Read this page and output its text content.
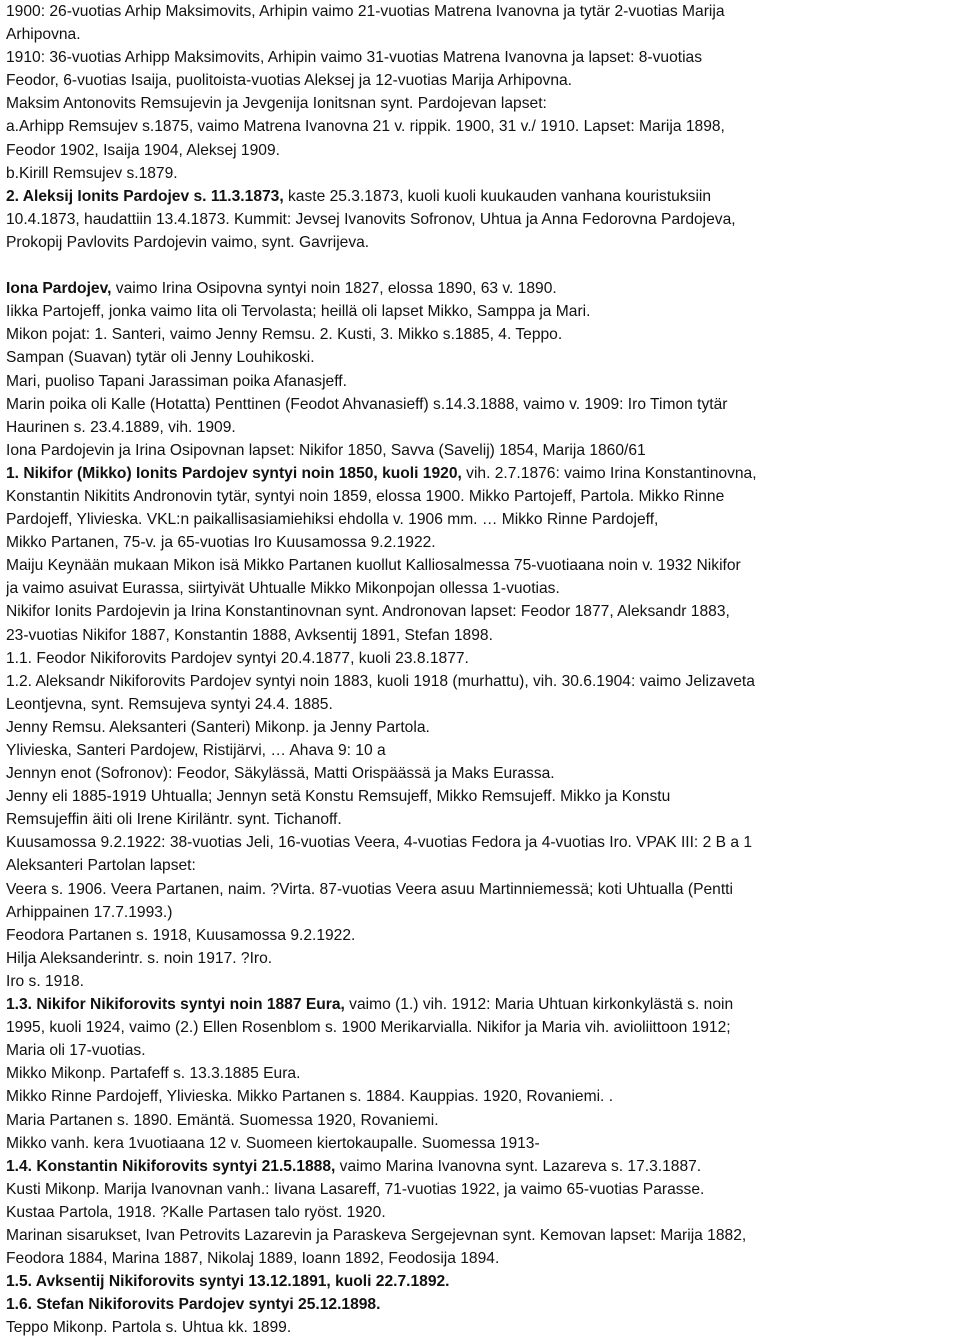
1900: 26-vuotias Arhip Maksimovits, Arhipin vaimo 21-vuotias Matrena Ivanovna ja tytär 2-vuotias Marija
Arhipovna.
1910: 36-vuotias Arhipp Maksimovits, Arhipin vaimo 31-vuotias Matrena Ivanovna ja lapset: 8-vuotias
Feodor, 6-vuotias Isaija, puolitoista-vuotias Aleksej ja 12-vuotias Marija Arhipovna.
Maksim Antonovits Remsujevin ja Jevgenija Ionitsnan synt. Pardojevan lapset:
a.Arhipp Remsujev s.1875, vaimo Matrena Ivanovna 21 v. rippik. 1900, 31 v./ 1910. Lapset: Marija 1898,
Feodor 1902, Isaija 1904, Aleksej 1909.
b.Kirill Remsujev s.1879.
2. Aleksij Ionits Pardojev s. 11.3.1873, kaste 25.3.1873, kuoli kuoli kuukauden vanhana kouristuksiin
10.4.1873, haudattiin 13.4.1873. Kummit: Jevsej Ivanovits Sofronov, Uhtua ja Anna Fedorovna Pardojeva,
Prokopij Pavlovits Pardojevin vaimo, synt. Gavrijeva.
Iona Pardojev, vaimo Irina Osipovna syntyi noin 1827, elossa 1890, 63 v. 1890.
Iikka Partojeff, jonka vaimo Iita oli Tervolasta; heillä oli lapset Mikko, Samppa ja Mari.
Mikon pojat: 1. Santeri, vaimo Jenny Remsu. 2. Kusti, 3. Mikko s.1885, 4. Teppo.
Sampan (Suavan) tytär oli Jenny Louhikoski.
Mari, puoliso Tapani Jarassiman poika Afanasjeff.
Marin poika oli Kalle (Hotatta) Penttinen (Feodot Ahvanasieff) s.14.3.1888, vaimo v. 1909: Iro Timon tytär
Haurinen s. 23.4.1889, vih. 1909.
Iona Pardojevin ja Irina Osipovnan lapset: Nikifor 1850, Savva (Savelij) 1854, Marija 1860/61
1. Nikifor (Mikko) Ionits Pardojev syntyi noin 1850, kuoli 1920, vih. 2.7.1876: vaimo Irina Konstantinovna,
Konstantin Nikitits Andronovin tytär, syntyi noin 1859, elossa 1900. Mikko Partojeff, Partola. Mikko Rinne
Pardojeff, Ylivieska. VKL:n paikallisasiamiehiksi ehdolla v. 1906 mm. … Mikko Rinne Pardojeff,
Mikko Partanen, 75-v. ja 65-vuotias Iro Kuusamossa 9.2.1922.
Maiju Keynään mukaan Mikon isä Mikko Partanen kuollut Kalliosalmessa 75-vuotiaana noin v. 1932 Nikifor
ja vaimo asuivat Eurassa, siirtyivät Uhtualle Mikko Mikonpojan ollessa 1-vuotias.
Nikifor Ionits Pardojevin ja Irina Konstantinovnan synt. Andronovan lapset: Feodor 1877, Aleksandr 1883,
23-vuotias Nikifor 1887, Konstantin 1888, Avksentij 1891, Stefan 1898.
1.1. Feodor Nikiforovits Pardojev syntyi 20.4.1877, kuoli 23.8.1877.
1.2. Aleksandr Nikiforovits Pardojev syntyi noin 1883, kuoli 1918 (murhattu), vih. 30.6.1904: vaimo Jelizaveta
Leontjevna, synt. Remsujeva syntyi 24.4. 1885.
Jenny Remsu. Aleksanteri (Santeri) Mikonp. ja Jenny Partola.
Ylivieska, Santeri Pardojew, Ristijärvi, … Ahava 9: 10 a
Jennyn enot (Sofronov): Feodor, Säkylässä, Matti Orispäässä ja Maks Eurassa.
Jenny eli 1885-1919 Uhtualla; Jennyn setä Konstu Remsujeff, Mikko Remsujeff. Mikko ja Konstu
Remsujeffin äiti oli Irene Kiriläntr. synt. Tichanoff.
Kuusamossa 9.2.1922: 38-vuotias Jeli, 16-vuotias Veera, 4-vuotias Fedora ja 4-vuotias Iro. VPAK III: 2 B a 1
Aleksanteri Partolan lapset:
Veera s. 1906. Veera Partanen, naim. ?Virta. 87-vuotias Veera asuu Martinniemessä; koti Uhtualla (Pentti
Arhippainen 17.7.1993.)
Feodora Partanen s. 1918, Kuusamossa 9.2.1922.
Hilja Aleksanderintr. s. noin 1917. ?Iro.
Iro s. 1918.
1.3. Nikifor Nikiforovits syntyi noin 1887 Eura, vaimo (1.) vih. 1912: Maria Uhtuan kirkonkylästä s. noin
1995, kuoli 1924, vaimo (2.) Ellen Rosenblom s. 1900 Merikarvialla. Nikifor ja Maria vih. avioliittoon 1912;
Maria oli 17-vuotias.
Mikko Mikonp. Partafeff s. 13.3.1885 Eura.
Mikko Rinne Pardojeff, Ylivieska. Mikko Partanen s. 1884. Kauppias. 1920, Rovaniemi. .
Maria Partanen s. 1890. Emäntä. Suomessa 1920, Rovaniemi.
Mikko vanh. kera 1vuotiaana 12 v. Suomeen kiertokaupalle. Suomessa 1913-
1.4. Konstantin Nikiforovits syntyi 21.5.1888, vaimo Marina Ivanovna synt. Lazareva s. 17.3.1887.
Kusti Mikonp. Marija Ivanovnan vanh.: Iivana Lasareff, 71-vuotias 1922, ja vaimo 65-vuotias Parasse.
Kustaa Partola, 1918. ?Kalle Partasen talo ryöst. 1920.
Marinan sisarukset, Ivan Petrovits Lazarevin ja Paraskeva Sergejevnan synt. Kemovan lapset: Marija 1882,
Feodora 1884, Marina 1887, Nikolaj 1889, Ioann 1892, Feodosija 1894.
1.5. Avksentij Nikiforovits syntyi 13.12.1891, kuoli 22.7.1892.
1.6. Stefan Nikiforovits Pardojev syntyi 25.12.1898.
Teppo Mikonp. Partola s. Uhtua kk. 1899.
